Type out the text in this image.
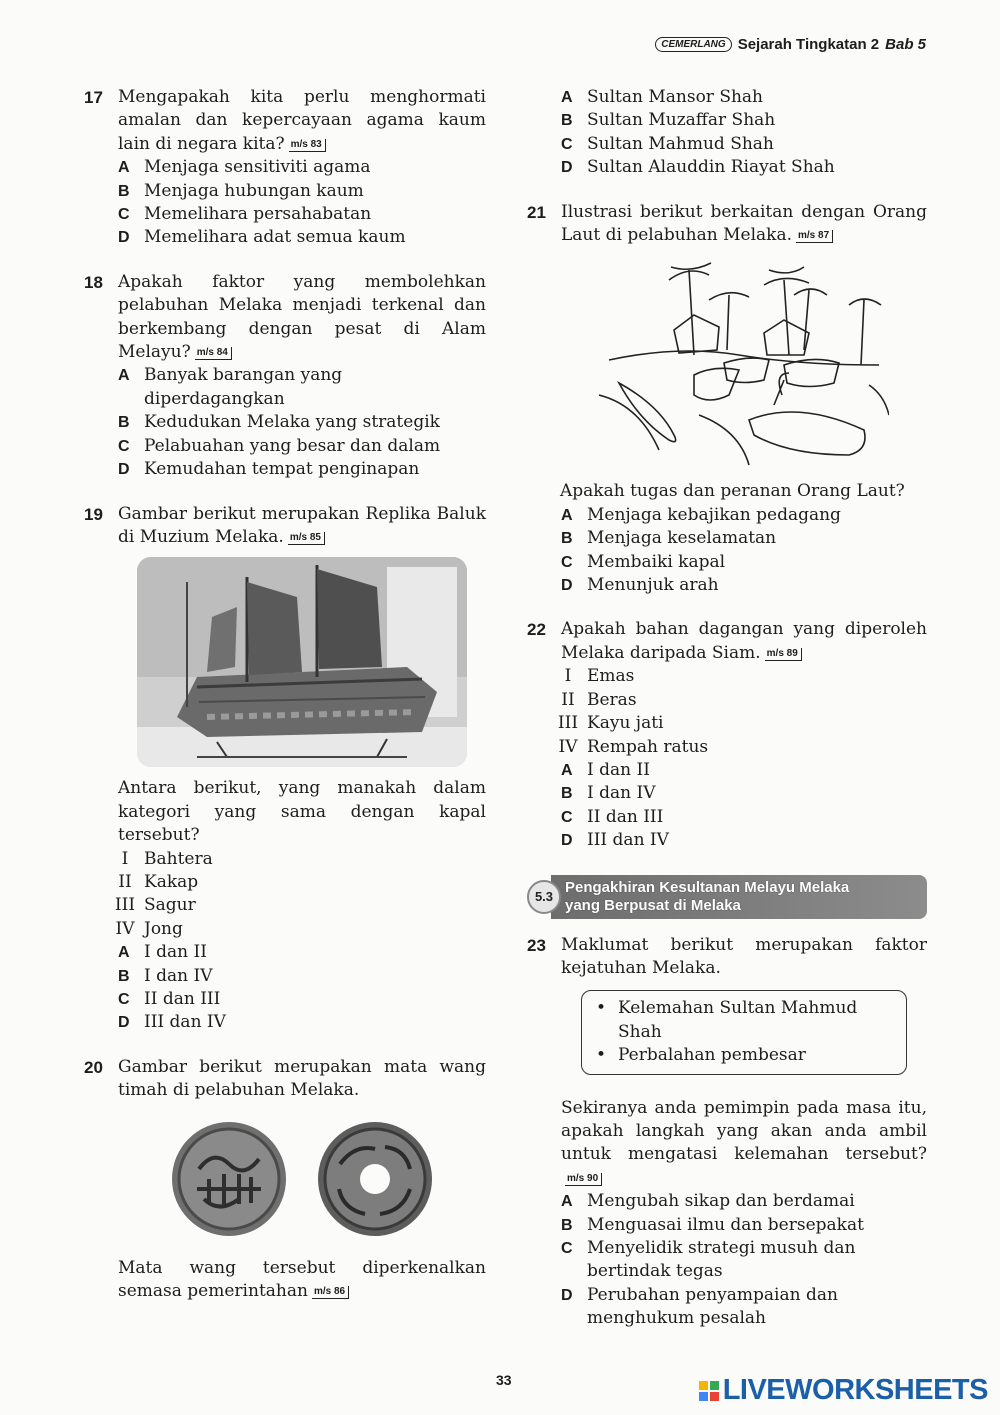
CEMERLANG Sejarah Tingkatan 2 Bab 5
17 Mengapakah kita perlu menghormati amalan dan kepercayaan agama kaum lain di negara kita? m/s 83
A Menjaga sensitiviti agama
B Menjaga hubungan kaum
C Memelihara persahabatan
D Memelihara adat semua kaum
18 Apakah faktor yang membolehkan pelabuhan Melaka menjadi terkenal dan berkembang dengan pesat di Alam Melayu? m/s 84
A Banyak barangan yang diperdagangkan
B Kedudukan Melaka yang strategik
C Pelabuahan yang besar dan dalam
D Kemudahan tempat penginapan
19 Gambar berikut merupakan Replika Baluk di Muzium Melaka. m/s 85
Antara berikut, yang manakah dalam kategori yang sama dengan kapal tersebut?
I Bahtera
II Kakap
III Sagur
IV Jong
A I dan II
B I dan IV
C II dan III
D III dan IV
20 Gambar berikut merupakan mata wang timah di pelabuhan Melaka.
Mata wang tersebut diperkenalkan semasa pemerintahan m/s 86
A Sultan Mansor Shah
B Sultan Muzaffar Shah
C Sultan Mahmud Shah
D Sultan Alauddin Riayat Shah
21 Ilustrasi berikut berkaitan dengan Orang Laut di pelabuhan Melaka. m/s 87
Apakah tugas dan peranan Orang Laut?
A Menjaga kebajikan pedagang
B Menjaga keselamatan
C Membaiki kapal
D Menunjuk arah
22 Apakah bahan dagangan yang diperoleh Melaka daripada Siam. m/s 89
I Emas
II Beras
III Kayu jati
IV Rempah ratus
A I dan II
B I dan IV
C II dan III
D III dan IV
5.3
Pengakhiran Kesultanan Melayu Melaka
yang Berpusat di Melaka
23 Maklumat berikut merupakan faktor kejatuhan Melaka.
• Kelemahan Sultan Mahmud Shah
• Perbalahan pembesar
Sekiranya anda pemimpin pada masa itu, apakah langkah yang akan anda ambil untuk mengatasi kelemahan tersebut?m/s 90
A Mengubah sikap dan berdamai
B Menguasai ilmu dan bersepakat
C Menyelidik strategi musuh dan bertindak tegas
D Perubahan penyampaian dan menghukum pesalah
33	LIVEWORKSHEETS
